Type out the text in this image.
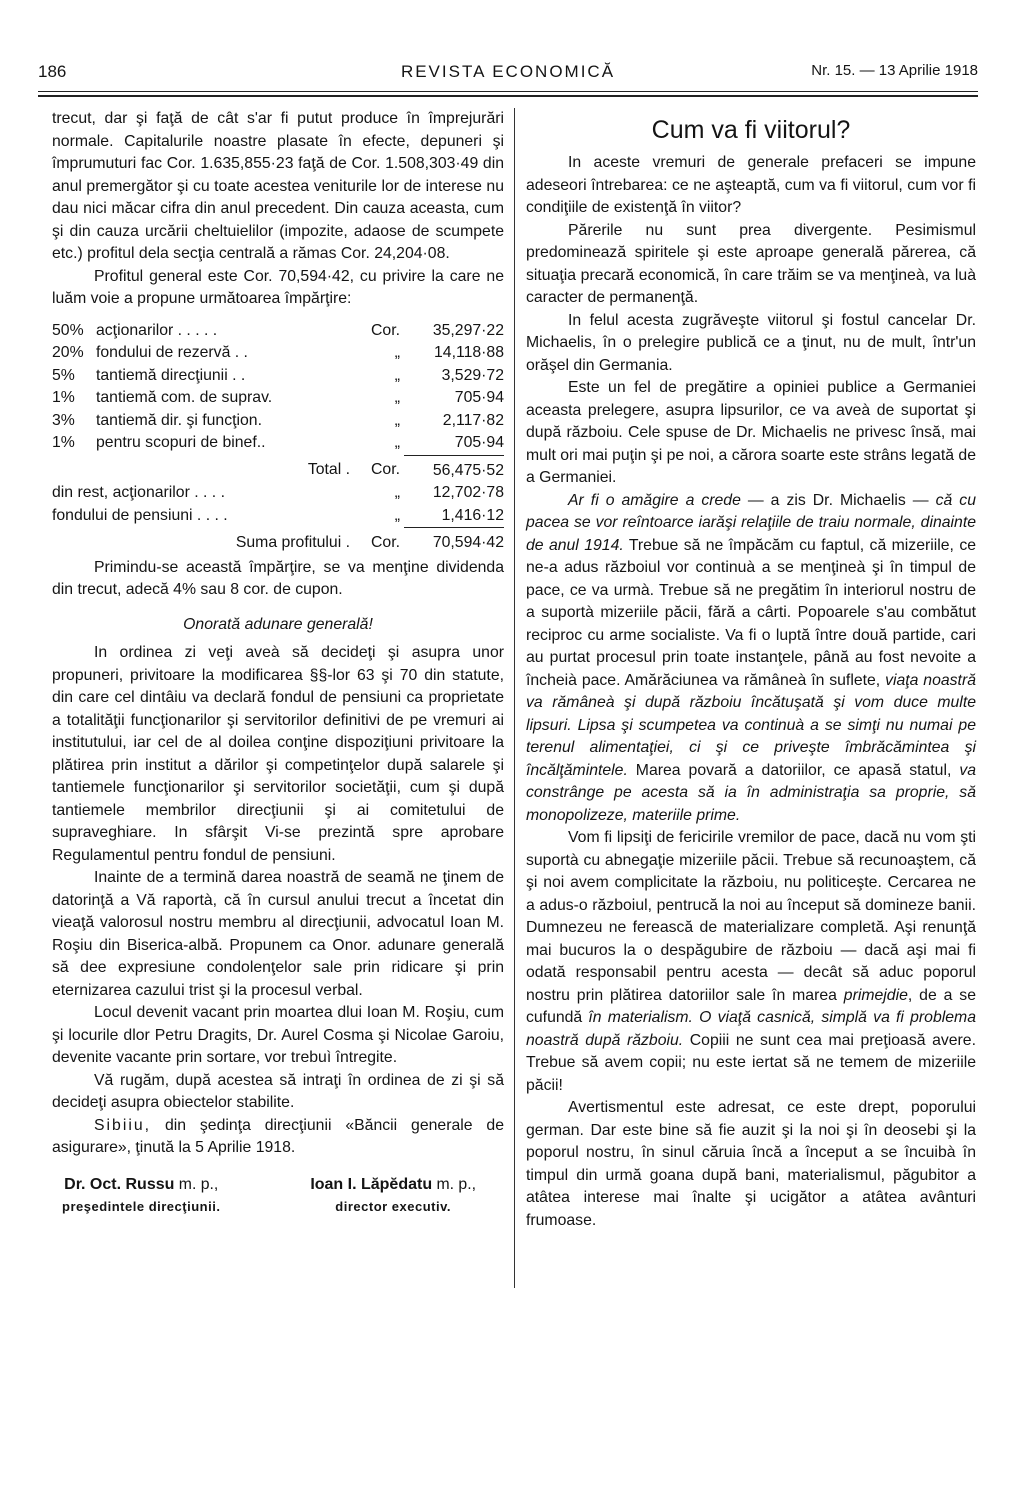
186	REVISTA ECONOMICĂ	Nr. 15. — 13 Aprilie 1918

trecut, dar şi faţă de cât s'ar fi putut produce în împrejurări normale. Capitalurile noastre plasate în efecte, depuneri şi împrumuturi fac Cor. 1.635,855·23 faţă de Cor. 1.508,303·49 din anul premergător şi cu toate acestea veniturile lor de interese nu dau nici măcar cifra din anul precedent. Din cauza aceasta, cum şi din cauza urcării cheltuielilor (impozite, adaose de scumpete etc.) profitul dela secţia centrală a rămas Cor. 24,204·08.

Profitul general este Cor. 70,594·42, cu privire la care ne luăm voie a propune următoarea împărţire:

50%	acţionarilor . . . . .	Cor.	35,297·22
20%	fondului de rezervă . .	„	14,118·88
5%	tantiemă direcţiunii . .	„	3,529·72
1%	tantiemă com. de suprav.	„	705·94
3%	tantiemă dir. şi funcţion.	„	2,117·82
1%	pentru scopuri de binef..	„	705·94
	Total .	Cor.	56,475·52
din rest, acţionarilor . . . .		„	12,702·78
fondului de pensiuni . . . .		„	1,416·12
	Suma profitului .	Cor.	70,594·42

Primindu-se această împărţire, se va menţine dividenda din trecut, adecă 4% sau 8 cor. de cupon.

Onorată adunare generală!

In ordinea zi veţi aveà să decideţi şi asupra unor propuneri, privitoare la modificarea §§-lor 63 şi 70 din statute, din care cel dintâiu va declară fondul de pensiuni ca proprietate a totalităţii funcţionarilor şi servitorilor definitivi de pe vremuri ai institutului, iar cel de al doilea conţine dispoziţiuni privitoare la plătirea prin institut a dărilor şi competinţelor după salarele şi tantiemele funcţionarilor şi servitorilor societăţii, cum şi după tantiemele membrilor direcţiunii şi ai comitetului de supraveghiare. In sfârşit Vi-se prezintă spre aprobare Regulamentul pentru fondul de pensiuni.

Inainte de a termină darea noastră de seamă ne ţinem de datorinţă a Vă raportà, că în cursul anului trecut a încetat din vieaţă valorosul nostru membru al direcţiunii, advocatul Ioan M. Roşiu din Biserica-albă. Propunem ca Onor. adunare generală să dee expresiune condolenţelor sale prin ridicare şi prin eternizarea cazului trist şi la procesul verbal.

Locul devenit vacant prin moartea dlui Ioan M. Roşiu, cum şi locurile dlor Petru Dragits, Dr. Aurel Cosma şi Nicolae Garoiu, devenite vacante prin sortare, vor trebuì întregite.

Vă rugăm, după acestea să intraţi în ordinea de zi şi să decideţi asupra obiectelor stabilite.

Sibiiu, din şedinţa direcţiunii «Băncii generale de asigurare», ţinută la 5 Aprilie 1918.

Dr. Oct. Russu m. p.,
preşedintele direcţiunii.
Ioan I. Lăpĕdatu m. p.,
director executiv.
Cum va fi viitorul?

In aceste vremuri de generale prefaceri se impune adeseori întrebarea: ce ne aşteaptă, cum va fi viitorul, cum vor fi condiţiile de existenţă în viitor?

Părerile nu sunt prea divergente. Pesimismul predominează spiritele şi este aproape generală părerea, că situaţia precară economică, în care trăim se va menţineà, va luà caracter de permanenţă.

In felul acesta zugrăveşte viitorul şi fostul cancelar Dr. Michaelis, în o prelegire publică ce a ţinut, nu de mult, într'un orăşel din Germania.

Este un fel de pregătire a opiniei publice a Germaniei aceasta prelegere, asupra lipsurilor, ce va aveà de suportat şi după războiu. Cele spuse de Dr. Michaelis ne privesc însă, mai mult ori mai puţin şi pe noi, a cărora soarte este strâns legată de a Germaniei.

Ar fi o amăgire a crede — a zis Dr. Michaelis — că cu pacea se vor reîntoarce iarăşi relaţiile de traiu normale, dinainte de anul 1914. Trebue să ne împăcăm cu faptul, că mizeriile, ce ne-a adus războiul vor continuà a se menţineà şi în timpul de pace, ce va urmà. Trebue să ne pregătim în interiorul nostru de a suportà mizeriile păcii, fără a cârti. Popoarele s'au combătut reciproc cu arme socialiste. Va fi o luptă între două partide, cari au purtat procesul prin toate instanţele, până au fost nevoite a încheià pace. Amărăciunea va rămâneà în suflete, viaţa noastră va rămâneà şi după războiu încătuşată şi vom duce multe lipsuri. Lipsa şi scumpetea va continuà a se simţi nu numai pe terenul alimentaţiei, ci şi ce priveşte îmbrăcămintea şi încălţămintele. Marea povară a datoriilor, ce apasă statul, va constrânge pe acesta să ia în administraţia sa proprie, să monopolizeze, materiile prime.

Vom fi lipsiţi de fericirile vremilor de pace, dacă nu vom şti suportà cu abnegaţie mizeriile păcii. Trebue să recunoaştem, că şi noi avem complicitate la războiu, nu politiceşte. Cercarea ne a adus-o războiul, pentrucă la noi au început să domineze banii. Dumnezeu ne ferească de materializare completă. Aşi renunţă mai bucuros la o despăgubire de războiu — dacă aşi mai fi odată responsabil pentru acesta — decât să aduc poporul nostru prin plătirea datoriilor sale în marea primejdie, de a se cufundă în materialism. O viaţă casnică, simplă va fi problema noastră după războiu. Copiii ne sunt cea mai preţioasă avere. Trebue să avem copii; nu este iertat să ne temem de mizeriile păcii!

Avertismentul este adresat, ce este drept, poporului german. Dar este bine să fie auzit şi la noi şi în deosebi şi la poporul nostru, în sinul căruia încă a început a se încuibà în timpul din urmă goana după bani, materialismul, păgubitor a atâtea interese mai înalte şi ucigător a atâtea avânturi frumoase.
